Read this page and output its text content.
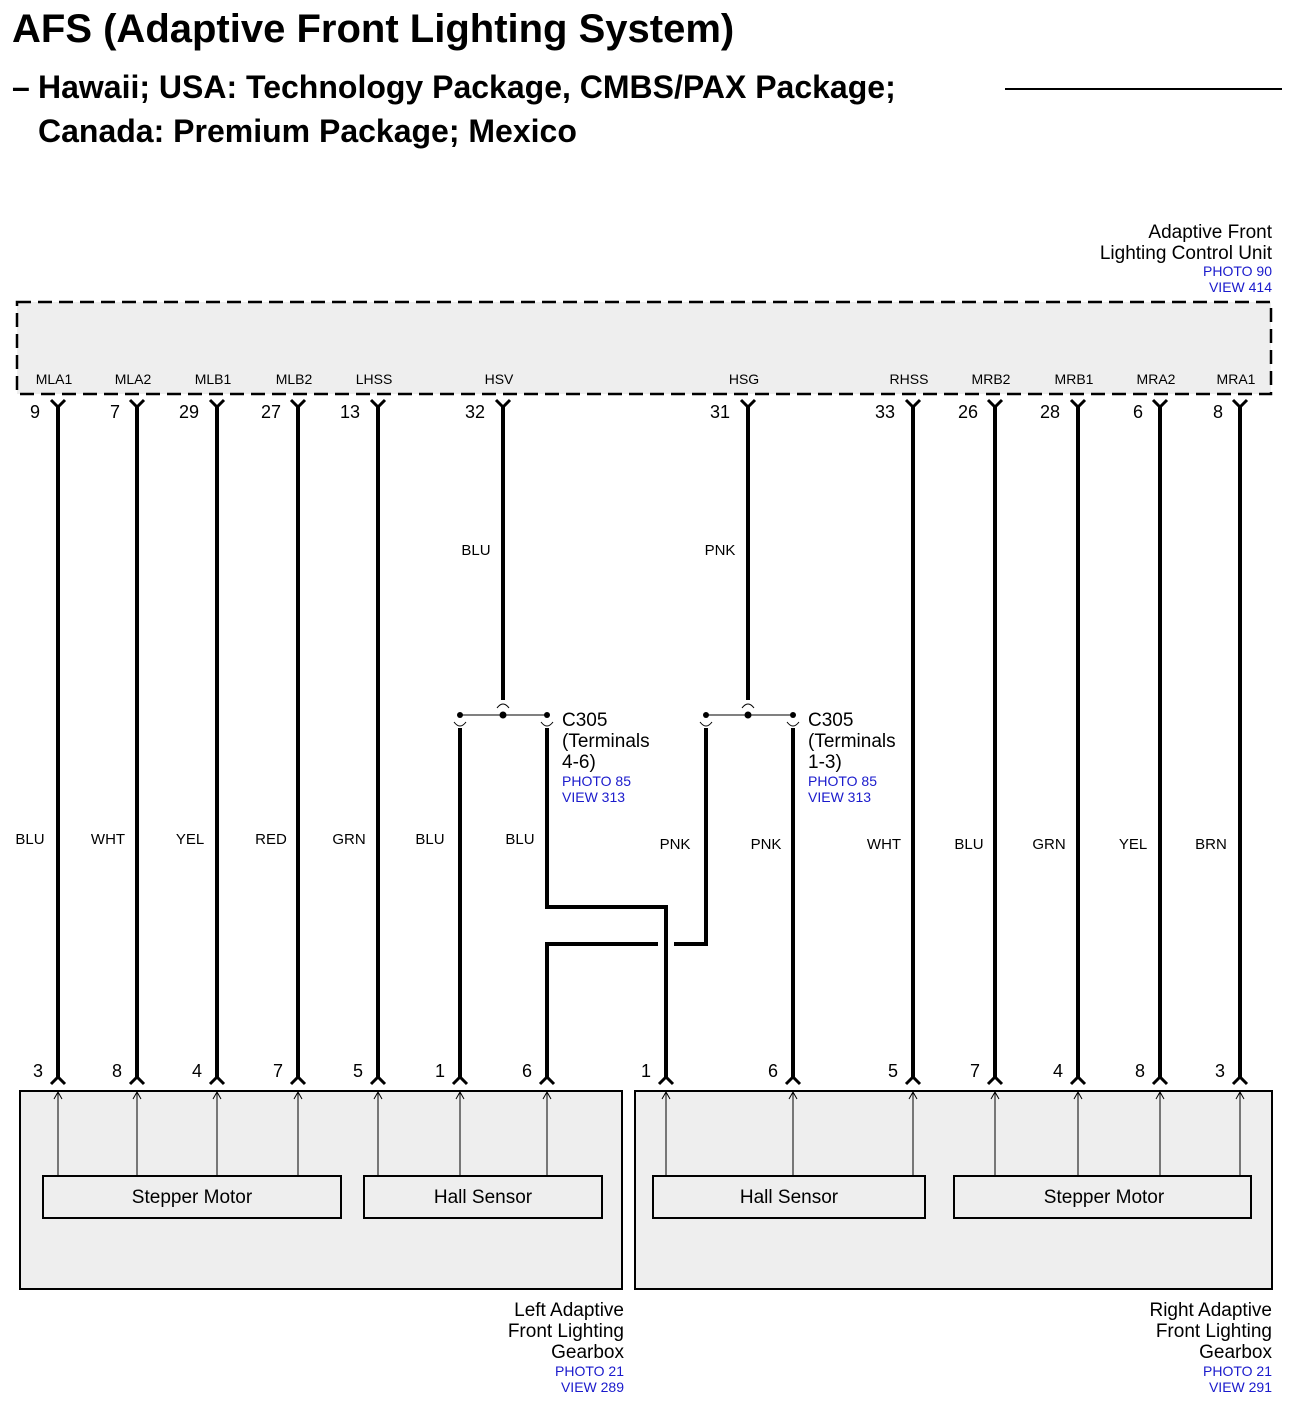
AFS (Adaptive Front Lighting System)
– Hawaii; USA: Technology Package, CMBS/PAX Package;
Canada: Premium Package; Mexico
Adaptive Front
Lighting Control Unit
PHOTO 90
VIEW 414
MLA1
9
MLA2
7
MLB1
29
MLB2
27
LHSS
13
HSV
32
HSG
31
RHSS
33
MRB2
26
MRB1
28
MRA2
6
MRA1
8
BLU	PNK
BLU	WHT	YEL	RED	GRN	BLU	BLU	PNK	PNK	WHT	BLU	GRN	YEL	BRN
C305
(Terminals
4-6)
PHOTO 85
VIEW 313
C305
(Terminals
1-3)
PHOTO 85
VIEW 313
Stepper Motor	Hall Sensor
Left Adaptive
Front Lighting
Gearbox
PHOTO 21
VIEW 289
Hall Sensor	Stepper Motor
Right Adaptive
Front Lighting
Gearbox
PHOTO 21
VIEW 291
3	8	4	7	5	1	6	1	6	5	7	4	8	3
